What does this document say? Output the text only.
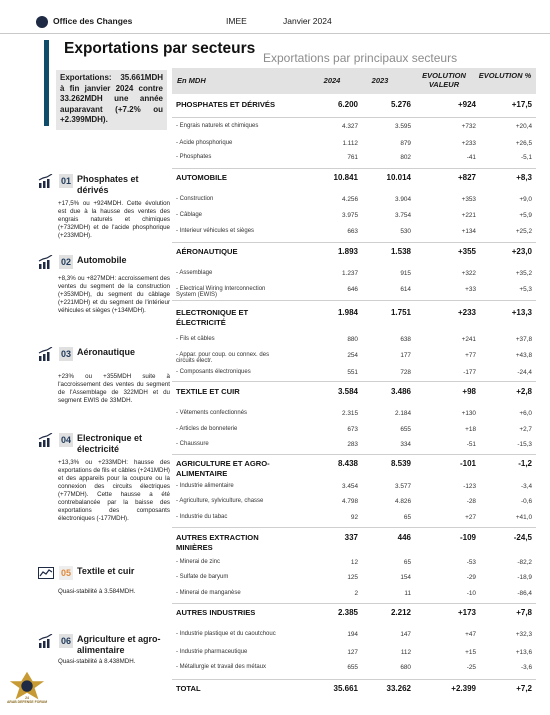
Office des Changes	IMEE	Janvier 2024
Exportations par secteurs
Exportations par principaux secteurs
Exportations: 35.661MDH à fin janvier 2024 contre 33.262MDH une année auparavant (+7.2% ou +2.399MDH).
01 Phosphates et dérivés
+17,5% ou +924MDH. Cette évolution est due à la hausse des ventes des engrais naturels et chimiques (+732MDH) et de l'acide phosphorique (+233MDH).
02 Automobile
+8,3% ou +827MDH: accroissement des ventes du segment de la construction (+353MDH), du segment du câblage (+221MDH) et du segment de l'intérieur véhicules et sièges (+134MDH).
03 Aéronautique
+23% ou +355MDH suite à l'accroissement des ventes du segment de l'Assemblage de 322MDH et du segment EWIS de 33MDH.
04 Electronique et électricité
+13,3% ou +233MDH: hausse des exportations de fils et câbles (+241MDH) et des appareils pour la coupure ou la connexion des circuits électriques (+77MDH). Cette hausse a été contrebalancée par la baisse des exportations des composants électroniques (-177MDH).
05 Textile et cuir
Quasi-stabilité à 3.584MDH.
06 Agriculture et agro-alimentaire
Quasi-stabilité à 8.438MDH.
En MDH	2024	2023
EVOLUTION VALEUR
EVOLUTION %
PHOSPHATES ET DÉRIVÉS	6.200	5.276	+924	+17,5
- Engrais naturels et chimiques	4.327	3.595	+732	+20,4
- Acide phosphorique	1.112	879	+233	+26,5
- Phosphates	761	802	-41	-5,1
AUTOMOBILE	10.841	10.014	+827	+8,3
- Construction	4.256	3.904	+353	+9,0
- Câblage	3.975	3.754	+221	+5,9
- Interieur véhicules et sièges	663	530	+134	+25,2
AÉRONAUTIQUE	1.893	1.538	+355	+23,0
- Assemblage	1.237	915	+322	+35,2
- Electrical Wiring Interconnection System (EWIS)
646	614	+33	+5,3
ELECTRONIQUE ET ÉLECTRICITÉ
1.984	1.751	+233	+13,3
- Fils et câbles	880	638	+241	+37,8
- Appar. pour coup. ou connex. des circuits électr.
254	177	+77	+43,8
- Composants électroniques	551	728	-177	-24,4
TEXTILE ET CUIR	3.584	3.486	+98	+2,8
- Vêtements confectionnés	2.315	2.184	+130	+6,0
- Articles de bonneterie	673	655	+18	+2,7
- Chaussure	283	334	-51	-15,3
AGRICULTURE ET AGRO-ALIMENTAIRE
8.438	8.539	-101	-1,2
- Industrie alimentaire	3.454	3.577	-123	-3,4
- Agriculture, sylviculture, chasse	4.798	4.826	-28	-0,6
- Industrie du tabac	92	65	+27	+41,0
AUTRES EXTRACTION MINIÈRES
337	446	-109	-24,5
- Minerai de zinc	12	65	-53	-82,2
- Sulfate de baryum	125	154	-29	-18,9
- Minerai de manganèse	2	11	-10	-86,4
AUTRES INDUSTRIES	2.385	2.212	+173	+7,8
- Industrie plastique et du caoutchouc	194	147	+47	+32,3
- Industrie pharmaceutique	127	112	+15	+13,6
- Métallurgie et travail des métaux	655	680	-25	-3,6
TOTAL	35.661	33.262	+2.399	+7,2
24
ARAB DEFENSE FORUM
